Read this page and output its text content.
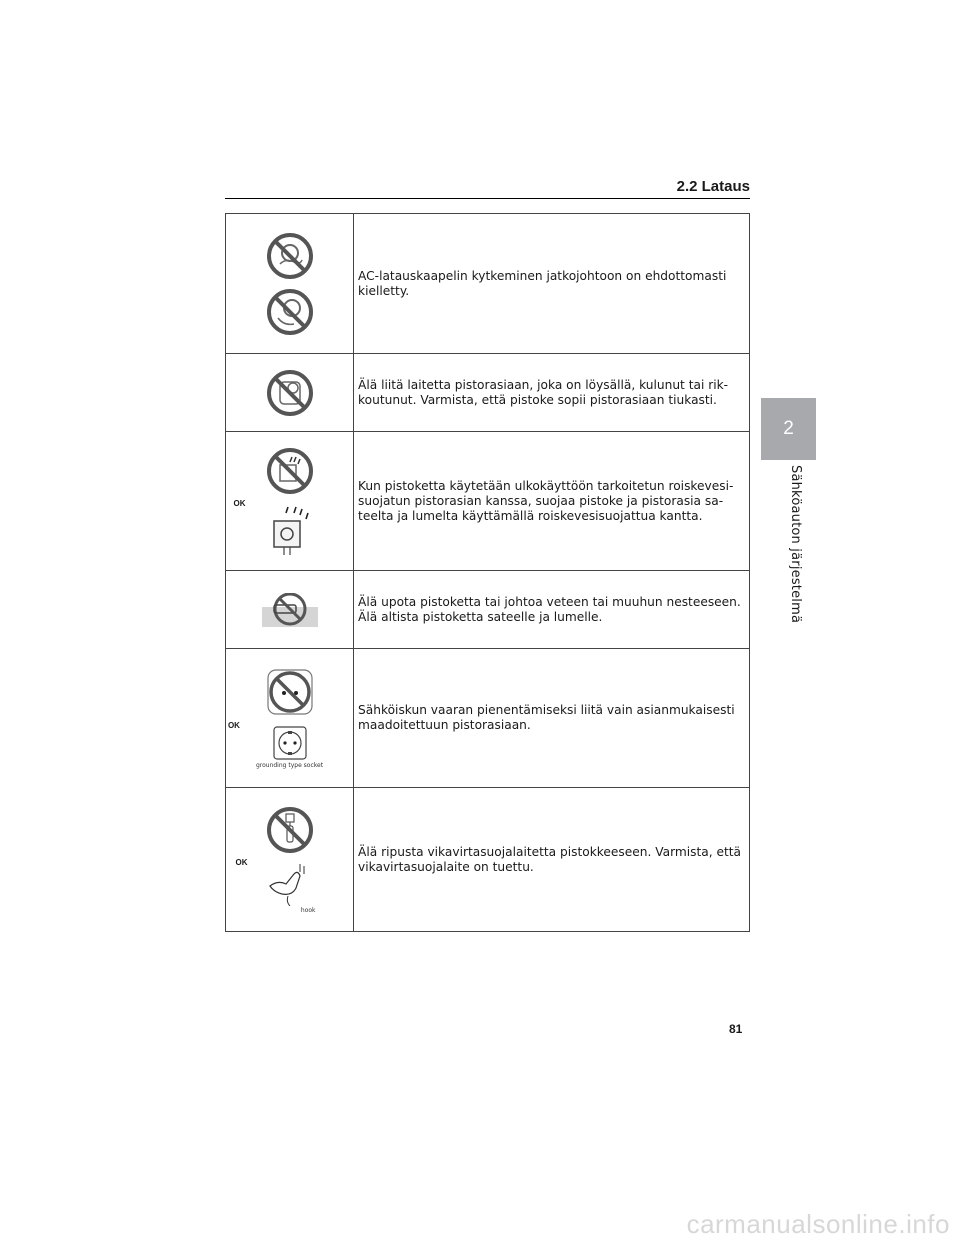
2.2 Lataus
2
Sähköauton järjestelmä

AC-latauskaapelin kytkeminen jatkojohtoon on ehdottomasti
kielletty.

Älä liitä laitetta pistorasiaan, joka on löysällä, kulunut tai rik-
koutunut. Varmista, että pistoke sopii pistorasiaan tiukasti.

OK	Kun pistoketta käytetään ulkokäyttöön tarkoitetun roiskevesi-
suojatun pistorasian kanssa, suojaa pistoke ja pistorasia sa-
teelta ja lumelta käyttämällä roiskevesisuojattua kantta.

Älä upota pistoketta tai johtoa veteen tai muuhun nesteeseen.
Älä altista pistoketta sateelle ja lumelle.

OK
grounding type socket	Sähköiskun vaaran pienentämiseksi liitä vain asianmukaisesti
maadoitettuun pistorasiaan.

OK
hook	Älä ripusta vikavirtasuojalaitetta pistokkeeseen. Varmista, että
vikavirtasuojalaite on tuettu.
81
carmanualsonline.info
